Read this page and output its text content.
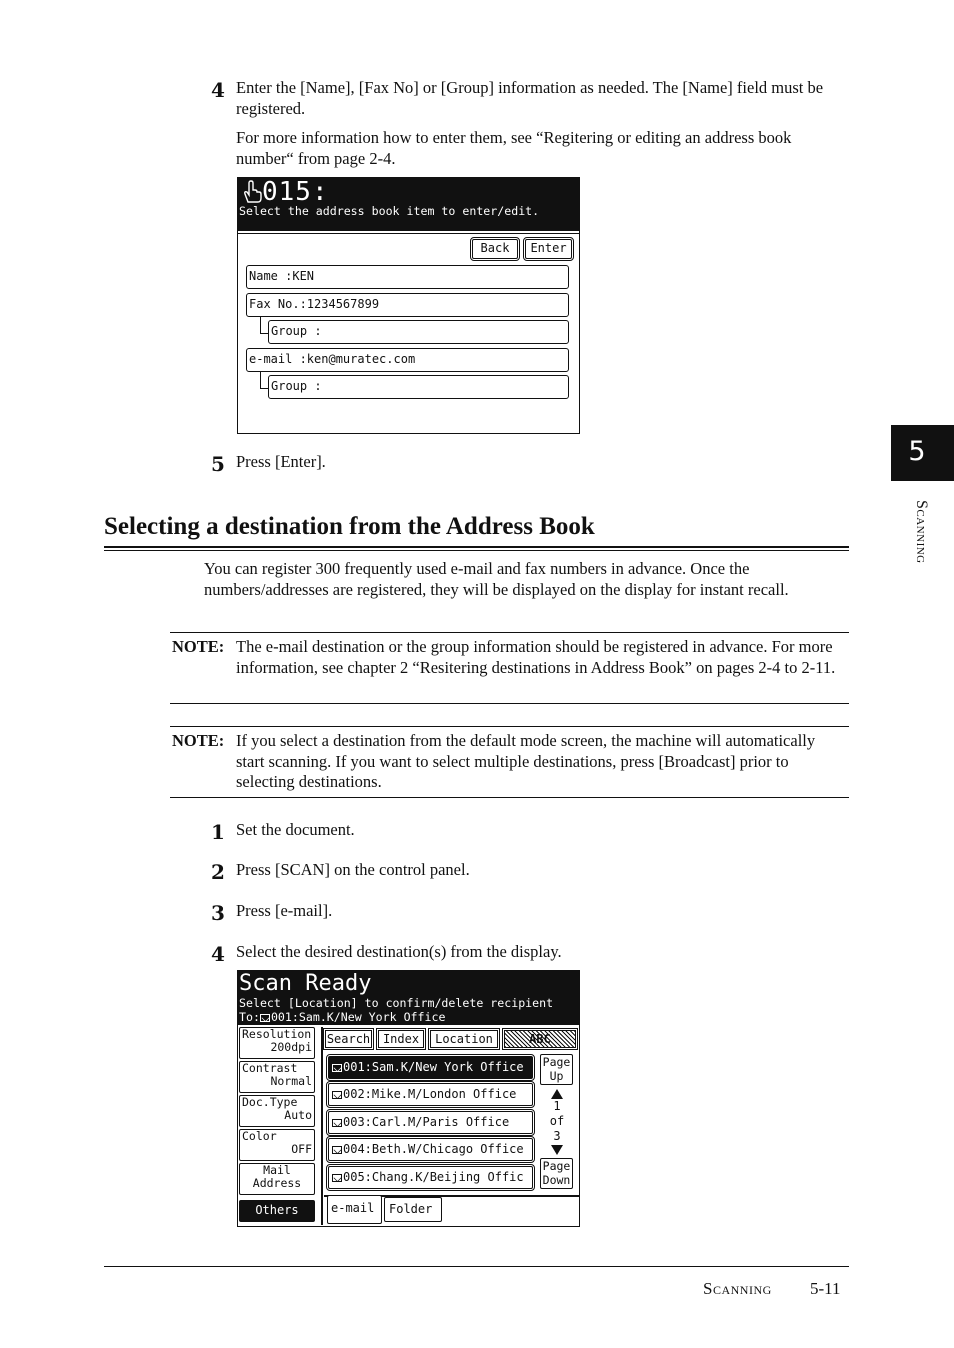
4 Enter the [Name], [Fax No] or [Group] information as needed. The [Name] field must be registered.
For more information how to enter them, see “Regitering or editing an address book number“ from page 2-4.
015:
Select the address book item to enter/edit.
Back	Enter
Name :KEN
Fax No.:1234567899
Group :
e-mail :ken@muratec.com
Group :
5 Press [Enter].
Selecting a destination from the Address Book
You can register 300 frequently used e-mail and fax numbers in advance. Once the numbers/addresses are registered, they will be displayed on the display for instant recall.
NOTE: The e-mail destination or the group information should be registered in advance. For more information, see chapter 2 “Resitering destinations in Address Book” on pages 2-4 to 2-11.
NOTE: If you select a destination from the default mode screen, the machine will automatically start scanning. If you want to select multiple destinations, press [Broadcast] prior to selecting destinations.
1 Set the document.
2 Press [SCAN] on the control panel.
3 Press [e-mail].
4 Select the desired destination(s) from the display.
Scan Ready
Select [Location] to confirm/delete recipient
To: 001:Sam.K/New York Office
Resolution
200dpi
Contrast
Normal
Doc.Type
Auto
Color
OFF
Mail
Address
Others
Search	Index	Location	ABC
001:Sam.K/New York Office
002:Mike.M/London Office
003:Carl.M/Paris Office
004:Beth.W/Chicago Office
005:Chang.K/Beijing Offic
Page
Up
1
of
3
Page
Down
e-mail	Folder
5
Scanning
Scanning 5-11
